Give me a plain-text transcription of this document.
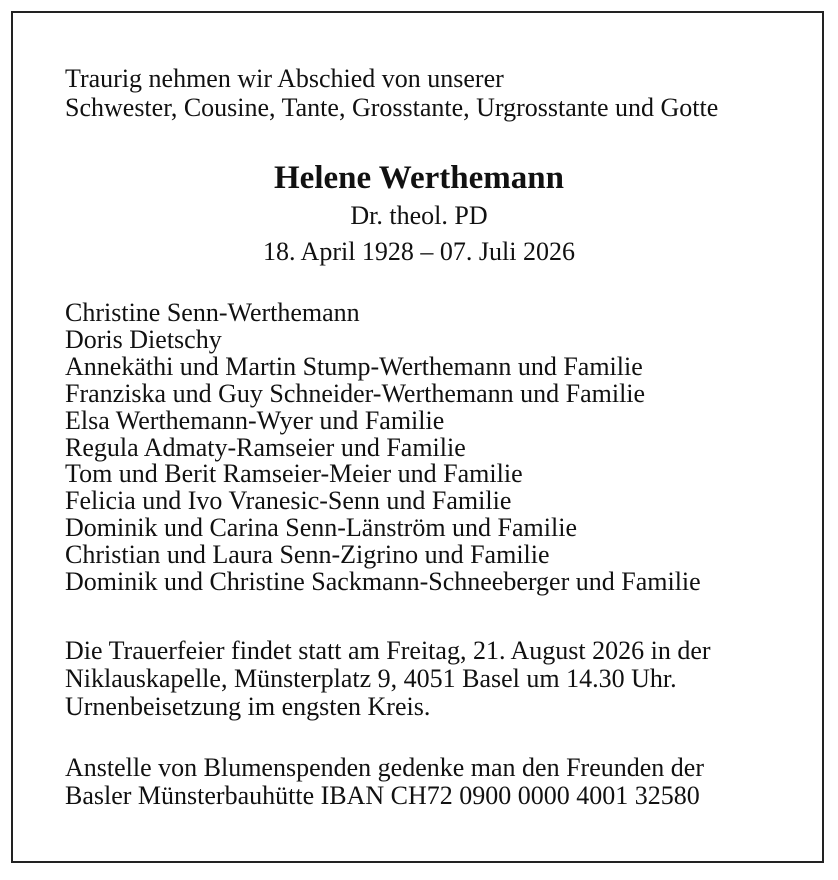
Traurig nehmen wir Abschied von unserer
Schwester, Cousine, Tante, Grosstante, Urgrosstante und Gotte
Helene Werthemann
Dr. theol. PD
18. April 1928 – 07. Juli 2026
Christine Senn-Werthemann
Doris Dietschy
Annekäthi und Martin Stump-Werthemann und Familie
Franziska und Guy Schneider-Werthemann und Familie
Elsa Werthemann-Wyer und Familie
Regula Admaty-Ramseier und Familie
Tom und Berit Ramseier-Meier und Familie
Felicia und Ivo Vranesic-Senn und Familie
Dominik und Carina Senn-Länström und Familie
Christian und Laura Senn-Zigrino und Familie
Dominik und Christine Sackmann-Schneeberger und Familie
Die Trauerfeier findet statt am Freitag, 21. August 2026 in der
Niklauskapelle, Münsterplatz 9, 4051 Basel um 14.30 Uhr.
Urnenbeisetzung im engsten Kreis.
Anstelle von Blumenspenden gedenke man den Freunden der
Basler Münsterbauhütte IBAN CH72 0900 0000 4001 32580
